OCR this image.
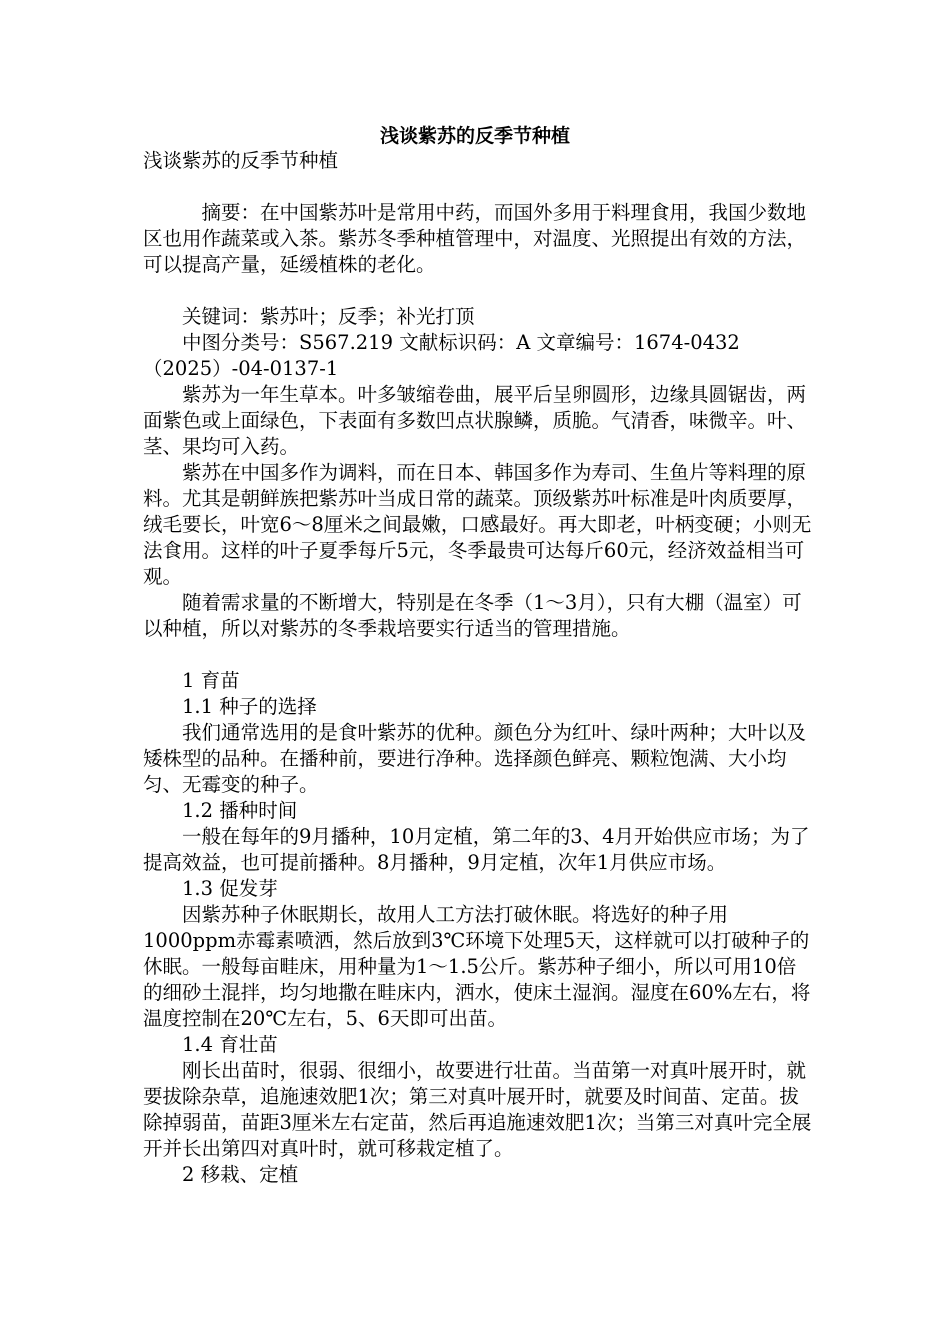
浅谈紫苏的反季节种植

浅谈紫苏的反季节种植

摘要：在中国紫苏叶是常用中药，而国外多用于料理食用，我国少数地区也用作蔬菜或入茶。紫苏冬季种植管理中，对温度、光照提出有效的方法，可以提高产量，延缓植株的老化。

关键词：紫苏叶；反季；补光打顶

中图分类号：S567.219 文献标识码：A 文章编号：1674-0432（2025）-04-0137-1

紫苏为一年生草本。叶多皱缩卷曲，展平后呈卵圆形，边缘具圆锯齿，两面紫色或上面绿色，下表面有多数凹点状腺鳞，质脆。气清香，味微辛。叶、茎、果均可入药。

紫苏在中国多作为调料，而在日本、韩国多作为寿司、生鱼片等料理的原料。尤其是朝鲜族把紫苏叶当成日常的蔬菜。顶级紫苏叶标准是叶肉质要厚，绒毛要长，叶宽6～8厘米之间最嫩，口感最好。再大即老，叶柄变硬；小则无法食用。这样的叶子夏季每斤5元，冬季最贵可达每斤60元，经济效益相当可观。

随着需求量的不断增大，特别是在冬季（1～3月），只有大棚（温室）可以种植，所以对紫苏的冬季栽培要实行适当的管理措施。

1 育苗

1.1 种子的选择

我们通常选用的是食叶紫苏的优种。颜色分为红叶、绿叶两种；大叶以及矮株型的品种。在播种前，要进行净种。选择颜色鲜亮、颗粒饱满、大小均匀、无霉变的种子。

1.2 播种时间

一般在每年的9月播种，10月定植，第二年的3、4月开始供应市场；为了提高效益，也可提前播种。8月播种，9月定植，次年1月供应市场。

1.3 促发芽

因紫苏种子休眠期长，故用人工方法打破休眠。将选好的种子用1000ppm赤霉素喷洒，然后放到3℃环境下处理5天，这样就可以打破种子的休眠。一般每亩畦床，用种量为1～1.5公斤。紫苏种子细小，所以可用10倍的细砂土混拌，均匀地撒在畦床内，洒水，使床土湿润。湿度在60%左右，将温度控制在20℃左右，5、6天即可出苗。

1.4 育壮苗

刚长出苗时，很弱、很细小，故要进行壮苗。当苗第一对真叶展开时，就要拔除杂草，追施速效肥1次；第三对真叶展开时，就要及时间苗、定苗。拔除掉弱苗，苗距3厘米左右定苗，然后再追施速效肥1次；当第三对真叶完全展开并长出第四对真叶时，就可移栽定植了。

2 移栽、定植
